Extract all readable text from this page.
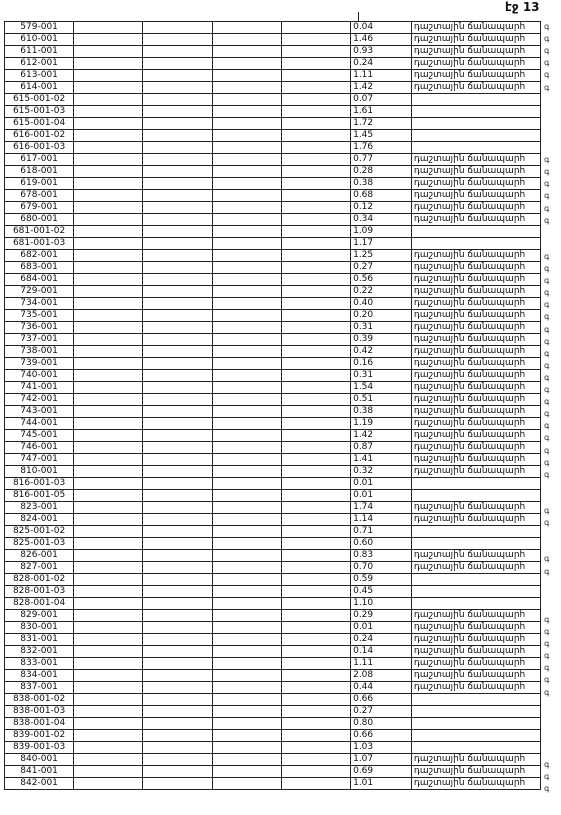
էջ 13
579-001					0.04	դաշտային ճանապարհ
610-001					1.46	դաշտային ճանապարհ
611-001					0.93	դաշտային ճանապարհ
612-001					0.24	դաշտային ճանապարհ
613-001					1.11	դաշտային ճանապարհ
614-001					1.42	դաշտային ճանապարհ
615-001-02					0.07	
615-001-03					1.61	
615-001-04					1.72	
616-001-02					1.45	
616-001-03					1.76	
617-001					0.77	դաշտային ճանապարհ
618-001					0.28	դաշտային ճանապարհ
619-001					0.38	դաշտային ճանապարհ
678-001					0.68	դաշտային ճանապարհ
679-001					0.12	դաշտային ճանապարհ
680-001					0.34	դաշտային ճանապարհ
681-001-02					1.09	
681-001-03					1.17	
682-001					1.25	դաշտային ճանապարհ
683-001					0.27	դաշտային ճանապարհ
684-001					0.56	դաշտային ճանապարհ
729-001					0.22	դաշտային ճանապարհ
734-001					0.40	դաշտային ճանապարհ
735-001					0.20	դաշտային ճանապարհ
736-001					0.31	դաշտային ճանապարհ
737-001					0.39	դաշտային ճանապարհ
738-001					0.42	դաշտային ճանապարհ
739-001					0.16	դաշտային ճանապարհ
740-001					0.31	դաշտային ճանապարհ
741-001					1.54	դաշտային ճանապարհ
742-001					0.51	դաշտային ճանապարհ
743-001					0.38	դաշտային ճանապարհ
744-001					1.19	դաշտային ճանապարհ
745-001					1.42	դաշտային ճանապարհ
746-001					0.87	դաշտային ճանապարհ
747-001					1.41	դաշտային ճանապարհ
810-001					0.32	դաշտային ճանապարհ
816-001-03					0.01	
816-001-05					0.01	
823-001					1.74	դաշտային ճանապարհ
824-001					1.14	դաշտային ճանապարհ
825-001-02					0.71	
825-001-03					0.60	
826-001					0.83	դաշտային ճանապարհ
827-001					0.70	դաշտային ճանապարհ
828-001-02					0.59	
828-001-03					0.45	
828-001-04					1.10	
829-001					0.29	դաշտային ճանապարհ
830-001					0.01	դաշտային ճանապարհ
831-001					0.24	դաշտային ճանապարհ
832-001					0.14	դաշտային ճանապարհ
833-001					1.11	դաշտային ճանապարհ
834-001					2.08	դաշտային ճանապարհ
837-001					0.44	դաշտային ճանապարհ
838-001-02					0.66	
838-001-03					0.27	
838-001-04					0.80	
839-001-02					0.66	
839-001-03					1.03	
840-001					1.07	դաշտային ճանապարհ
841-001					0.69	դաշտային ճանապարհ
842-001					1.01	դաշտային ճանապարհ
գ
գ
գ
գ
գ
գ
գ
գ
գ
գ
գ
գ
գ
գ
գ
գ
գ
գ
գ
գ
գ
գ
գ
գ
գ
գ
գ
գ
գ
գ
գ
գ
գ
գ
գ
գ
գ
գ
գ
գ
գ
գ
գ
գ
գ
